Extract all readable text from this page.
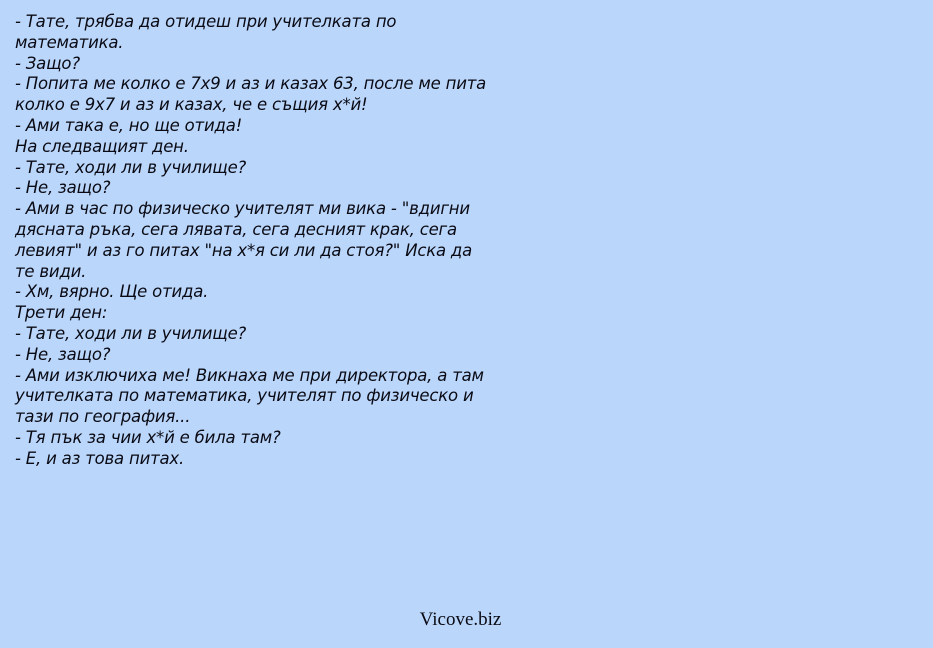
- Тате, трябва да отидеш при учителката по
математика.
- Защо?
- Попита ме колко е 7х9 и аз и казах 63, после ме пита
колко е 9х7 и аз и казах, че е същия х*й!
- Ами така е, но ще отида!
На следващият ден.
- Тате, ходи ли в училище?
- Не, защо?
- Ами в час по физическо учителят ми вика - "вдигни
дясната ръка, сега лявата, сега десният крак, сега
левият" и аз го питах "на х*я си ли да стоя?" Иска да
те види.
- Хм, вярно. Ще отида.
Трети ден:
- Тате, ходи ли в училище?
- Не, защо?
- Ами изключиха ме! Викнаха ме при директора, а там
учителката по математика, учителят по физическо и
тази по география...
- Тя пък за чии х*й е била там?
- Е, и аз това питах.
Vicove.biz
